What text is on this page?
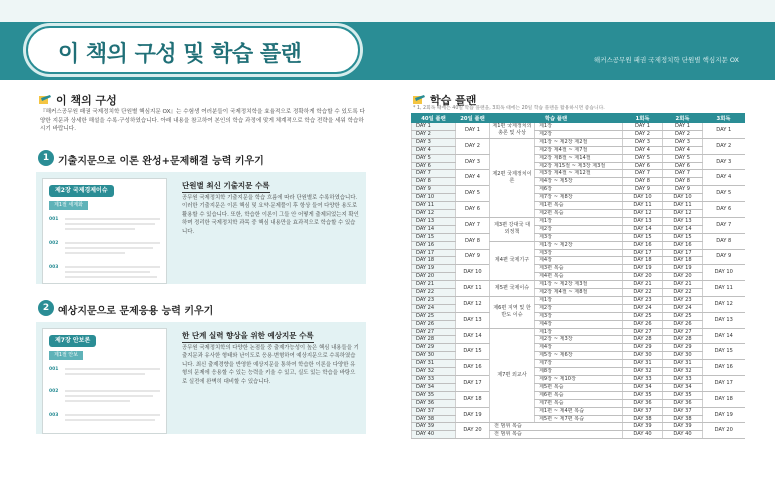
이 책의 구성 및 학습 플랜	해커스공무원 패권 국제정치학 단원별 핵심지문 OX
이 책의 구성
『해커스공무원 패권 국제정치학 단원별 핵심지문 OX』는 수험생 여러분들이 국제정치학을 효율적으로 정확하게 학습할 수 있도록 다양한 지문과 상세한 해설을 수록·구성하였습니다. 아래 내용을 참고하여 본인의 학습 과정에 맞게 체계적으로 학습 전략을 세워 학습하시기 바랍니다.
1 기출지문으로 이론 완성+문제해결 능력 키우기
제2장 국제경제이슈
제1절 세계화
001
002
003
단원별 최신 기출지문 수록
공무원 국제정치학 기출지문을 학습 흐름에 따라 단원별로 수록하였습니다. 이러한 기출지문은 이론 핵심 및 요약·문제풀이 후 항상 들여 다양한 용도로 활용할 수 있습니다. 또한, 학습한 이론이 그들 안 어떻게 출제되었는지 확인하며 정리한 국제정치학 과목 중 핵심 내용만을 효과적으로 학습할 수 있습니다.
2 예상지문으로 문제응용 능력 키우기
제7장 안보론
제1절 안보
001
002
003
한 단계 실력 향상을 위한 예상지문 수록
공무원 국제정치학의 다양한 논점들 중 출제가능성이 높은 핵심 내용들을 기출지문과 유사한 형태와 난이도로 응용·변형하여 예상지문으로 수록하였습니다. 최신 출제경향을 반영한 예상지문을 통하여 학습한 이론을 다양한 유형의 문제에 응용할 수 있는 능력을 키울 수 있고, 실도 있는 학습을 바탕으로 실전에 완벽히 대비할 수 있습니다.
학습 플랜
* 1, 2회독 때에는 40일 학습 플랜을, 3회독 때에는 20일 학습 플랜을 활용하시면 좋습니다.
40일 플랜	20일 플랜	학습 플랜		1회독	2회독	3회독
DAY 1	DAY 1	제1편 국제정치의 총론 및 사상	제1장	DAY 1	DAY 1	DAY 1
DAY 2			제2장	DAY 2	DAY 2	
DAY 3	DAY 2	제2편 국제정치이론	제1장 ~ 제2장 제2절	DAY 3	DAY 3	DAY 2
DAY 4			제2장 제4절 ~ 제7절	DAY 4	DAY 4	
DAY 5	DAY 3		제2장 제8절 ~ 제14절	DAY 5	DAY 5	DAY 3
DAY 6			제2장 제15절 ~ 제3장 제3절	DAY 6	DAY 6	
DAY 7	DAY 4		제3장 제4절 ~ 제12절	DAY 7	DAY 7	DAY 4
DAY 8			제4장 ~ 제5장	DAY 8	DAY 8	
DAY 9	DAY 5		제6장	DAY 9	DAY 9	DAY 5
DAY 10			제7장 ~ 제8장	DAY 10	DAY 10	
DAY 11	DAY 6		제1편 복습	DAY 11	DAY 11	DAY 6
DAY 12			제2편 복습	DAY 12	DAY 12	
DAY 13	DAY 7	제3편 강대국 대외정책	제1장	DAY 13	DAY 13	DAY 7
DAY 14			제2장	DAY 14	DAY 14	
DAY 15	DAY 8		제3장	DAY 15	DAY 15	DAY 8
DAY 16		제4편 국제기구	제1장 ~ 제2장	DAY 16	DAY 16	
DAY 17	DAY 9		제3장	DAY 17	DAY 17	DAY 9
DAY 18			제4장	DAY 18	DAY 18	
DAY 19	DAY 10		제3편 복습	DAY 19	DAY 19	DAY 10
DAY 20			제4편 복습	DAY 20	DAY 20	
DAY 21	DAY 11	제5편 국제이슈	제1장 ~ 제2장 제3절	DAY 21	DAY 21	DAY 11
DAY 22			제2장 제4절 ~ 제8절	DAY 22	DAY 22	
DAY 23	DAY 12	제6편 지역 및 한반도 이슈	제1장	DAY 23	DAY 23	DAY 12
DAY 24			제2장	DAY 24	DAY 24	
DAY 25	DAY 13		제3장	DAY 25	DAY 25	DAY 13
DAY 26			제4장	DAY 26	DAY 26	
DAY 27	DAY 14	제7편 외교사	제1장	DAY 27	DAY 27	DAY 14
DAY 28			제2장 ~ 제3장	DAY 28	DAY 28	
DAY 29	DAY 15		제4장	DAY 29	DAY 29	DAY 15
DAY 30			제5장 ~ 제6장	DAY 30	DAY 30	
DAY 31	DAY 16		제7장	DAY 31	DAY 31	DAY 16
DAY 32			제8장	DAY 32	DAY 32	
DAY 33	DAY 17		제9장 ~ 제10장	DAY 33	DAY 33	DAY 17
DAY 34			제5편 복습	DAY 34	DAY 34	
DAY 35	DAY 18		제6편 복습	DAY 35	DAY 35	DAY 18
DAY 36			제7편 복습	DAY 36	DAY 36	
DAY 37	DAY 19		제1편 ~ 제4편 복습	DAY 37	DAY 37	DAY 19
DAY 38			제5편 ~ 제7편 복습	DAY 38	DAY 38	
DAY 39	DAY 20	전 범위 복습		DAY 39	DAY 39	DAY 20
DAY 40		전 범위 복습		DAY 40	DAY 40	
